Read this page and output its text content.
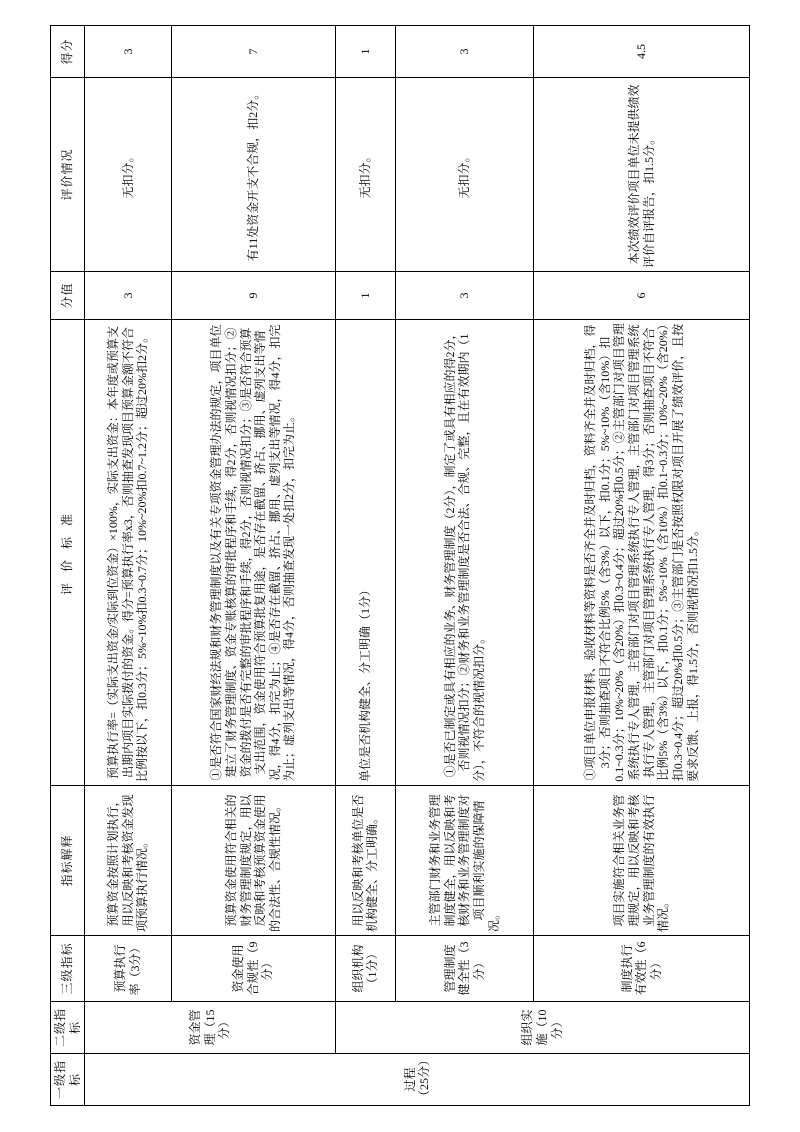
一级指标	二级指标	三级指标	指标解释	评 价 标 准	分值	评价情况	得分
过程（25分）	资金管理（15分）	预算执行率（3分）	预算资金按照计划执行，用以反映和考核资金发现项预算执行情况。	预算执行率=（实际支出资金/实际到位资金）×100%，实际支出资金：本年度或预算支出期内项目实际拨付的资金。得分=预算执行率x3，否则抽查发现项目预算金额不符合比例按以下，扣0.3分；5%~10%扣0.3~0.7分；10%~20%扣0.7~1.2分；超过20%扣2分。	3	无扣分。	3
		资金使用合规性（9分）	预算资金使用符合相关的财务管理制度规定，用以反映和考核预算资金使用的合法性、合规性情况。	①是否符合国家财经法规和财务管理制度以及有关专项资金管理办法的规定，项目单位建立了财务管理制度、资金专账核算的审批程序和手续，得2分，否则视情况扣分；②资金的拨付是否有完整的审批程序和手续，得2分，否则视情况扣分；③是否符合预算支出范围，资金使用符合预算批复用途，是否存在截留、挤占、挪用、虚列支出等情况，得4分，扣完为止；④是否存在截留、挤占、挪用、虚列支出等情况，得4分，扣完为止；虚列支出等情况，得4分，否则抽查发现一处扣2分，扣完为止。	9	有11处资金开支不合规，扣2分。	7
	组织实施（10分）	组织机构（1分）	用以反映和考核单位是否机构健全、分工明确。	单位是否机构健全、分工明确（1分）	1	无扣分。	1
		管理制度健全性（3分）	主管部门财务和业务管理制度健全，用以反映和考核财务和业务管理制度对项目顺利实施的保障情况。	①是否已制定或具有相应的业务、财务管理制度（2分），制定了或具有相应的得2分，否则视情况扣分；②财务和业务管理制度是否合法、合规、完整，且在有效期内（1分），不符合的视情况扣分。	3	无扣分。	3
		制度执行有效性（6分）	项目实施符合相关业务管理规定，用以反映和考核业务管理制度的有效执行情况。	①项目单位申报材料、验收材料等资料是否齐全并及时归档，资料齐全并及时归档，得3分；否则抽查项目不符合比例5%（含3%）以下，扣0.1分；5%~10%（含10%）扣0.1~0.3分；10%~20%（含20%）扣0.3~0.4分；超过20%扣0.5分；②主管部门对项目管理系统执行专人管理，主管部门对项目管理系统执行专人管理，主管部门对项目管理系统执行专人管理，主管部门对项目管理系统执行专人管理，得3分；否则抽查项目不符合比例5%（含3%）以下，扣0.1分；5%~10%（含10%）扣0.1~0.3分；10%~20%（含20%）扣0.3~0.4分；超过20%扣0.5分；③主管部门是否按照权限对项目开展了绩效评价，且按要求反馈、上报，得1.5分，否则视情况扣1.5分。	6	本次绩效评价项目单位未提供绩效评价自评报告，扣1.5分。	4.5
